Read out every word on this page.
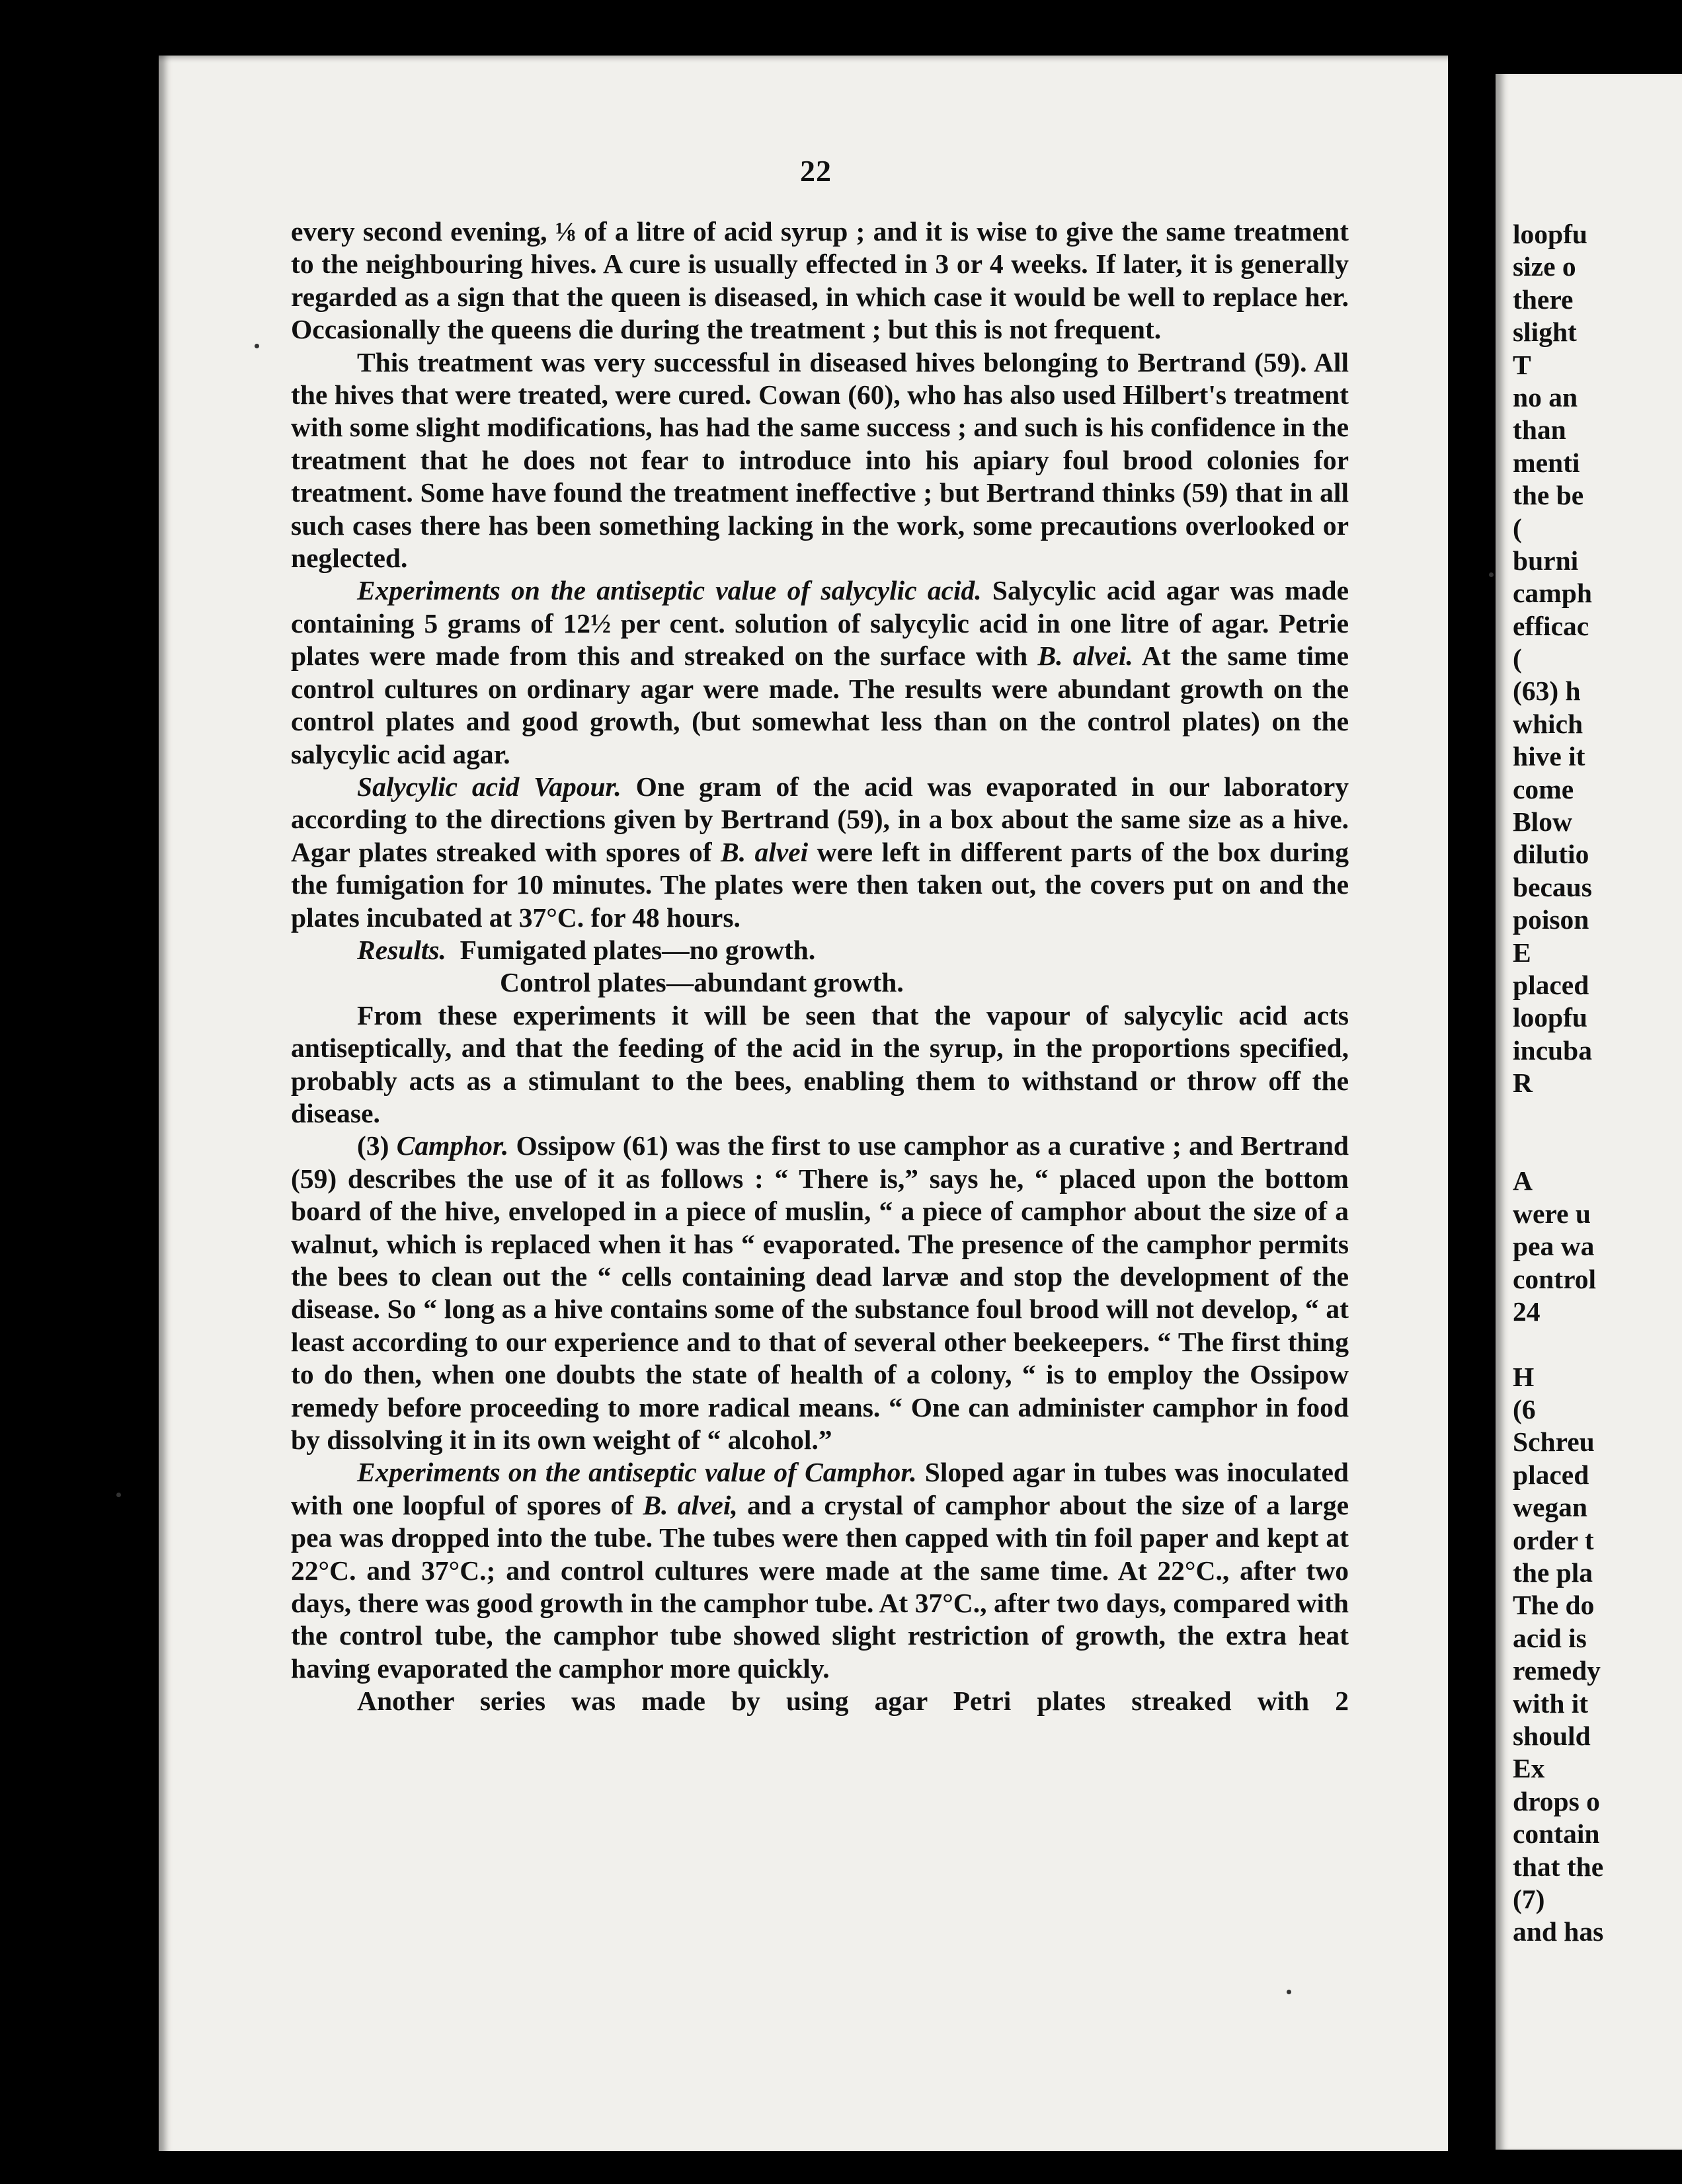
22

every second evening, ⅛ of a litre of acid syrup ; and it is wise to give the same treatment to the neighbouring hives. A cure is usually effected in 3 or 4 weeks. If later, it is generally regarded as a sign that the queen is diseased, in which case it would be well to replace her. Occasionally the queens die during the treatment ; but this is not frequent.

This treatment was very successful in diseased hives belonging to Bertrand (59). All the hives that were treated, were cured. Cowan (60), who has also used Hilbert's treatment with some slight modifications, has had the same success ; and such is his confidence in the treatment that he does not fear to introduce into his apiary foul brood colonies for treatment. Some have found the treatment ineffective ; but Bertrand thinks (59) that in all such cases there has been something lacking in the work, some precautions overlooked or neglected.

Experiments on the antiseptic value of salycylic acid. Salycylic acid agar was made containing 5 grams of 12½ per cent. solution of salycylic acid in one litre of agar. Petrie plates were made from this and streaked on the surface with B. alvei. At the same time control cultures on ordinary agar were made. The results were abundant growth on the control plates and good growth, (but somewhat less than on the control plates) on the salycylic acid agar.

Salycylic acid Vapour. One gram of the acid was evaporated in our laboratory according to the directions given by Bertrand (59), in a box about the same size as a hive. Agar plates streaked with spores of B. alvei were left in different parts of the box during the fumigation for 10 minutes. The plates were then taken out, the covers put on and the plates incubated at 37°C. for 48 hours.

Results. Fumigated plates—no growth.
Control plates—abundant growth.

From these experiments it will be seen that the vapour of salycylic acid acts antiseptically, and that the feeding of the acid in the syrup, in the proportions specified, probably acts as a stimulant to the bees, enabling them to withstand or throw off the disease.

(3) Camphor. Ossipow (61) was the first to use camphor as a curative ; and Bertrand (59) describes the use of it as follows : “ There is,” says he, “ placed upon the bottom board of the hive, enveloped in a piece of muslin, “ a piece of camphor about the size of a walnut, which is replaced when it has “ evaporated. The presence of the camphor permits the bees to clean out the “ cells containing dead larvæ and stop the development of the disease. So “ long as a hive contains some of the substance foul brood will not develop, “ at least according to our experience and to that of several other beekeepers. “ The first thing to do then, when one doubts the state of health of a colony, “ is to employ the Ossipow remedy before proceeding to more radical means. “ One can administer camphor in food by dissolving it in its own weight of “ alcohol.”

Experiments on the antiseptic value of Camphor. Sloped agar in tubes was inoculated with one loopful of spores of B. alvei, and a crystal of camphor about the size of a large pea was dropped into the tube. The tubes were then capped with tin foil paper and kept at 22°C. and 37°C.; and control cultures were made at the same time. At 22°C., after two days, there was good growth in the camphor tube. At 37°C., after two days, compared with the control tube, the camphor tube showed slight restriction of growth, the extra heat having evaporated the camphor more quickly.

Another series was made by using agar Petri plates streaked with 2

loopfu
size o
there
slight
T
no an
than
menti
the be
(
burni
camph
efficac
(
(63) h
which
hive it
come
Blow
dilutio
becaus
poison
E
placed
loopfu
incuba
R
A
were u
pea wa
control
24
H
(6
Schreu
placed
wegan
order t
the pla
The do
acid is
remedy
with it
should
Ex
drops o
contain
that the
(7)
and has
